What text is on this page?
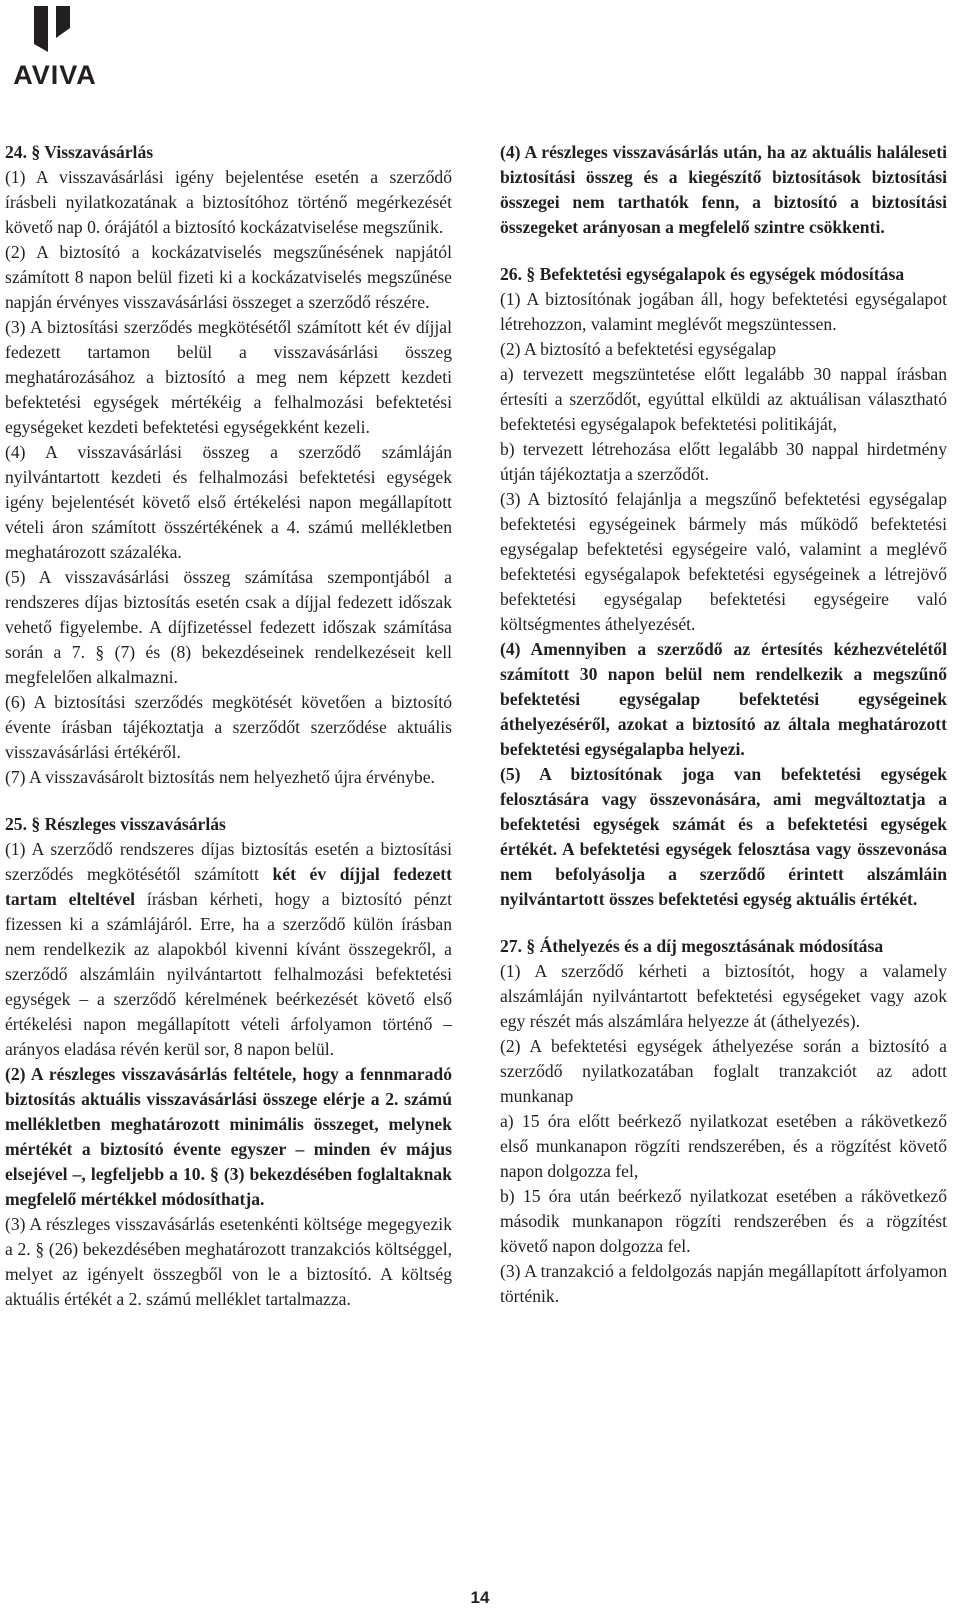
AVIVA
24. § Visszavásárlás

(1) A visszavásárlási igény bejelentése esetén a szerződő írásbeli nyilatkozatának a biztosítóhoz történő megérkezését követő nap 0. órájától a biztosító kockázatviselése megszűnik.

(2) A biztosító a kockázatviselés megszűnésének napjától számított 8 napon belül fizeti ki a kockázatviselés megszűnése napján érvényes visszavásárlási összeget a szerződő részére.

(3) A biztosítási szerződés megkötésétől számított két év díjjal fedezett tartamon belül a visszavásárlási összeg meghatározásához a biztosító a meg nem képzett kezdeti befektetési egységek mértékéig a felhalmozási befektetési egységeket kezdeti befektetési egységekként kezeli.

(4) A visszavásárlási összeg a szerződő számláján nyilvántartott kezdeti és felhalmozási befektetési egységek igény bejelentését követő első értékelési napon megállapított vételi áron számított összértékének a 4. számú mellékletben meghatározott százaléka.

(5) A visszavásárlási összeg számítása szempontjából a rendszeres díjas biztosítás esetén csak a díjjal fedezett időszak vehető figyelembe. A díjfizetéssel fedezett időszak számítása során a 7. § (7) és (8) bekezdéseinek rendelkezéseit kell megfelelően alkalmazni.

(6) A biztosítási szerződés megkötését követően a biztosító évente írásban tájékoztatja a szerződőt szerződése aktuális visszavásárlási értékéről.

(7) A visszavásárolt biztosítás nem helyezhető újra érvénybe.

25. § Részleges visszavásárlás

(1) A szerződő rendszeres díjas biztosítás esetén a biztosítási szerződés megkötésétől számított két év díjjal fedezett tartam elteltével írásban kérheti, hogy a biztosító pénzt fizessen ki a számlájáról. Erre, ha a szerződő külön írásban nem rendelkezik az alapokból kivenni kívánt összegekről, a szerződő alszámláin nyilvántartott felhalmozási befektetési egységek – a szerződő kérelmének beérkezését követő első értékelési napon megállapított vételi árfolyamon történő – arányos eladása révén kerül sor, 8 napon belül.

(2) A részleges visszavásárlás feltétele, hogy a fennmaradó biztosítás aktuális visszavásárlási összege elérje a 2. számú mellékletben meghatározott minimális összeget, melynek mértékét a biztosító évente egyszer – minden év május elsejével –, legfeljebb a 10. § (3) bekezdésében foglaltaknak megfelelő mértékkel módosíthatja.

(3) A részleges visszavásárlás esetenkénti költsége megegyezik a 2. § (26) bekezdésében meghatározott tranzakciós költséggel, melyet az igényelt összegből von le a biztosító. A költség aktuális értékét a 2. számú melléklet tartalmazza.

(4) A részleges visszavásárlás után, ha az aktuális haláleseti biztosítási összeg és a kiegészítő biztosítások biztosítási összegei nem tarthatók fenn, a biztosító a biztosítási összegeket arányosan a megfelelő szintre csökkenti.

26. § Befektetési egységalapok és egységek módosítása

(1) A biztosítónak jogában áll, hogy befektetési egységalapot létrehozzon, valamint meglévőt megszüntessen.

(2) A biztosító a befektetési egységalap

a) tervezett megszüntetése előtt legalább 30 nappal írásban értesíti a szerződőt, egyúttal elküldi az aktuálisan választható befektetési egységalapok befektetési politikáját,

b) tervezett létrehozása előtt legalább 30 nappal hirdetmény útján tájékoztatja a szerződőt.

(3) A biztosító felajánlja a megszűnő befektetési egységalap befektetési egységeinek bármely más működő befektetési egységalap befektetési egységeire való, valamint a meglévő befektetési egységalapok befektetési egységeinek a létrejövő befektetési egységalap befektetési egységeire való költségmentes áthelyezését.

(4) Amennyiben a szerződő az értesítés kézhezvételétől számított 30 napon belül nem rendelkezik a megszűnő befektetési egységalap befektetési egységeinek áthelyezéséről, azokat a biztosító az általa meghatározott befektetési egységalapba helyezi.

(5) A biztosítónak joga van befektetési egységek felosztására vagy összevonására, ami megváltoztatja a befektetési egységek számát és a befektetési egységek értékét. A befektetési egységek felosztása vagy összevonása nem befolyásolja a szerződő érintett alszámláin nyilvántartott összes befektetési egység aktuális értékét.

27. § Áthelyezés és a díj megosztásának módosítása

(1) A szerződő kérheti a biztosítót, hogy a valamely alszámláján nyilvántartott befektetési egységeket vagy azok egy részét más alszámlára helyezze át (áthelyezés).

(2) A befektetési egységek áthelyezése során a biztosító a szerződő nyilatkozatában foglalt tranzakciót az adott munkanap

a) 15 óra előtt beérkező nyilatkozat esetében a rákövetkező első munkanapon rögzíti rendszerében, és a rögzítést követő napon dolgozza fel,

b) 15 óra után beérkező nyilatkozat esetében a rákövetkező második munkanapon rögzíti rendszerében és a rögzítést követő napon dolgozza fel.

(3) A tranzakció a feldolgozás napján megállapított árfolyamon történik.

14
